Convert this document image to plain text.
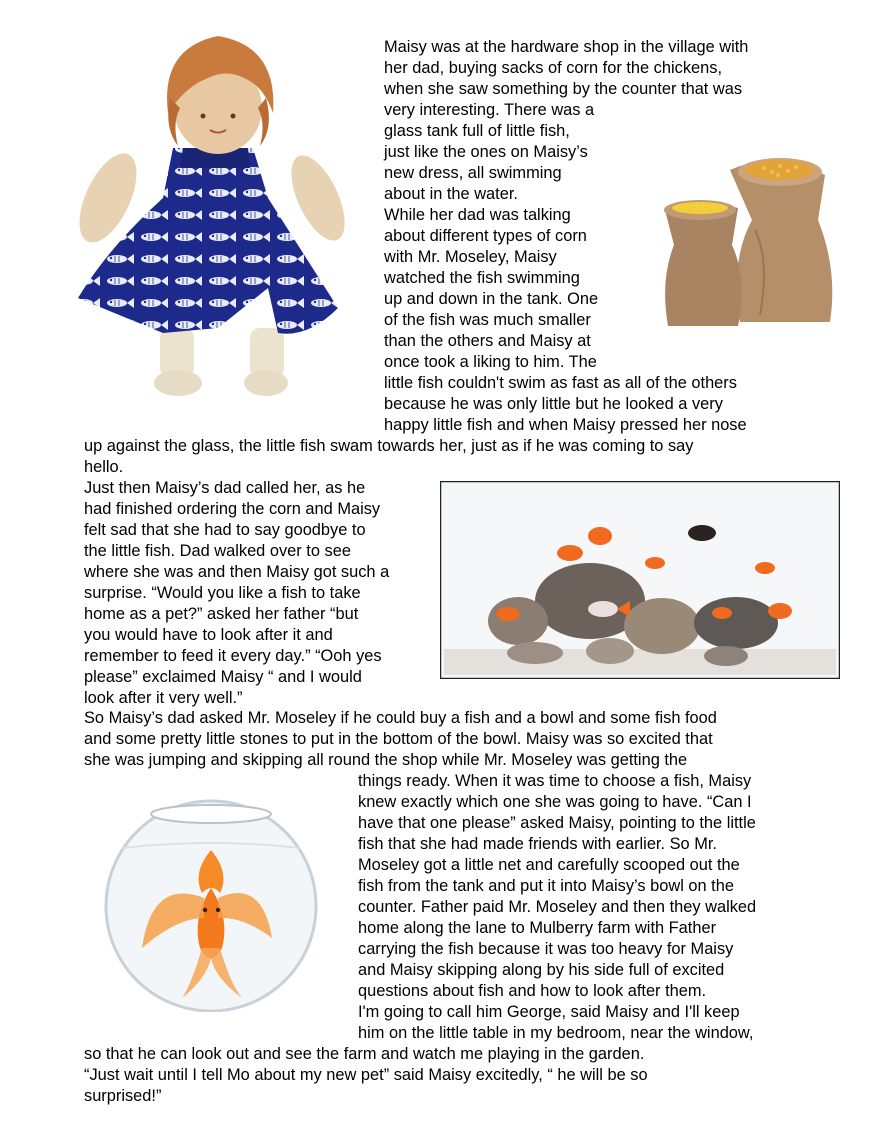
Maisy was at the hardware shop in the village with
her dad, buying sacks of corn for the chickens,
when she saw something by the counter that was
very interesting. There was a
glass tank full of little fish,
just like the ones on Maisy’s
new dress, all swimming
about in the water.
While her dad was talking
about different types of corn
with Mr. Moseley, Maisy
watched the fish swimming
up and down in the tank. One
of the fish was much smaller
than the others and Maisy at
once took a liking to him. The
little fish couldn't swim as fast as all of the others
because he was only little but he looked a very
happy little fish and when Maisy pressed her nose
up against the glass, the little fish swam towards her, just as if he was coming to say
hello.
Just then Maisy’s dad called her, as he
had finished ordering the corn and Maisy
felt sad that she had to say goodbye to
the little fish. Dad walked over to see
where she was and then Maisy got such a
surprise. “Would you like a fish to take
home as a pet?” asked her father “but
you would have to look after it and
remember to feed it every day.” “Ooh yes
please” exclaimed Maisy “ and I would
look after it very well.”
So Maisy’s dad asked Mr. Moseley if he could buy a fish and a bowl and some fish food
and some pretty little stones to put in the bottom of the bowl. Maisy was so excited that
she was jumping and skipping all round the shop while Mr. Moseley was getting the
things ready. When it was time to choose a fish, Maisy
knew exactly which one she was going to have. “Can I
have that one please” asked Maisy, pointing to the little
fish that she had made friends with earlier. So Mr.
Moseley got a little net and carefully scooped out the
fish from the tank and put it into Maisy’s bowl on the
counter. Father paid Mr. Moseley and then they walked
home along the lane to Mulberry farm with Father
carrying the fish because it was too heavy for Maisy
and Maisy skipping along by his side full of excited
questions about fish and how to look after them.
I'm going to call him George, said Maisy and I'll keep
him on the little table in my bedroom, near the window,
so that he can look out and see the farm and watch me playing in the garden.
“Just wait until I tell Mo about my new pet” said Maisy excitedly, “ he will be so
surprised!”
